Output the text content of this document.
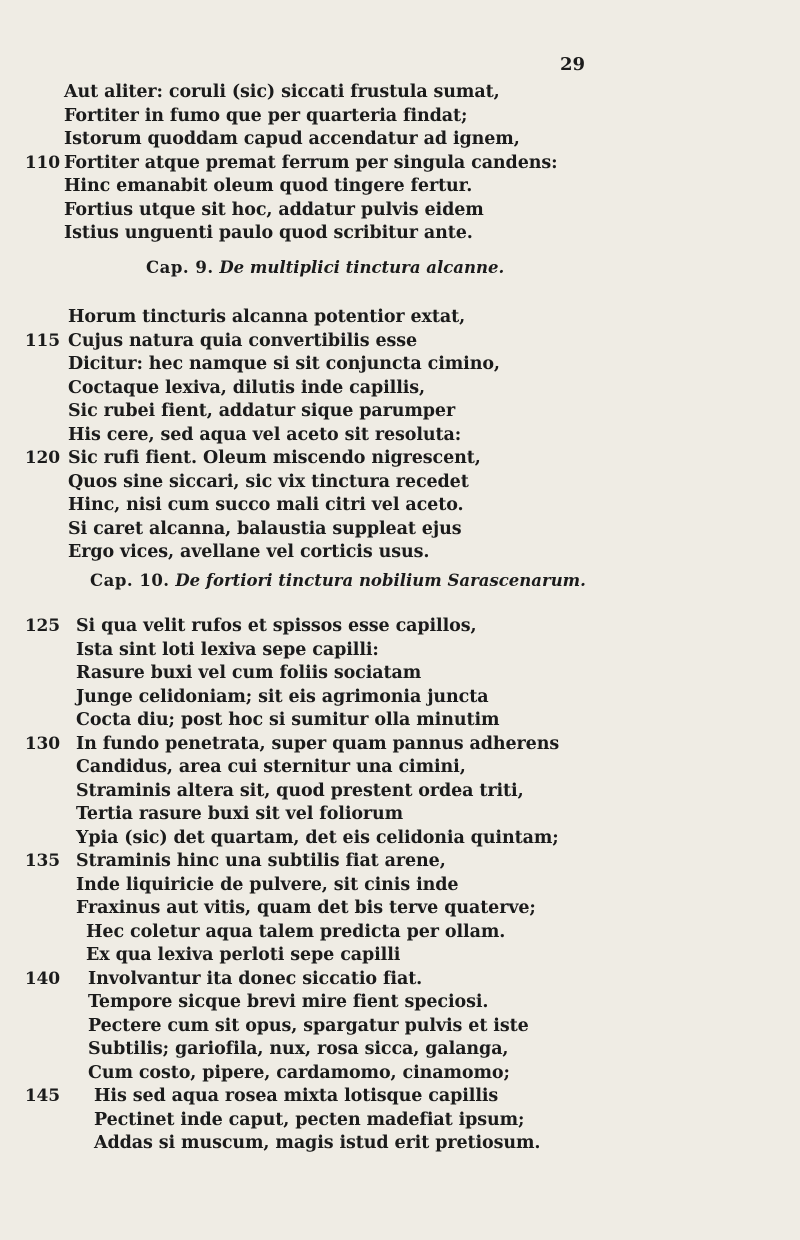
29
Aut aliter: coruli (sic) siccati frustula sumat,
Fortiter in fumo que per quarteria findat;
Istorum quoddam capud accendatur ad ignem,
110 Fortiter atque premat ferrum per singula candens:
Hinc emanabit oleum quod tingere fertur.
Fortius utque sit hoc, addatur pulvis eidem
Istius unguenti paulo quod scribitur ante.
Cap. 9. De multiplici tinctura alcanne.
Horum tincturis alcanna potentior extat,
115 Cujus natura quia convertibilis esse
Dicitur: hec namque si sit conjuncta cimino,
Coctaque lexiva, dilutis inde capillis,
Sic rubei fient, addatur sique parumper
His cere, sed aqua vel aceto sit resoluta:
120 Sic rufi fient. Oleum miscendo nigrescent,
Quos sine siccari, sic vix tinctura recedet
Hinc, nisi cum succo mali citri vel aceto.
Si caret alcanna, balaustia suppleat ejus
Ergo vices, avellane vel corticis usus.
Cap. 10. De fortiori tinctura nobilium Sarascenarum.
125 Si qua velit rufos et spissos esse capillos,
Ista sint loti lexiva sepe capilli:
Rasure buxi vel cum foliis sociatam
Junge celidoniam; sit eis agrimonia juncta
Cocta diu; post hoc si sumitur olla minutim
130 In fundo penetrata, super quam pannus adherens
Candidus, area cui sternitur una cimini,
Straminis altera sit, quod prestent ordea triti,
Tertia rasure buxi sit vel foliorum
Ypia (sic) det quartam, det eis celidonia quintam;
135 Straminis hinc una subtilis fiat arene,
Inde liquiricie de pulvere, sit cinis inde
Fraxinus aut vitis, quam det bis terve quaterve;
Hec coletur aqua talem predicta per ollam.
Ex qua lexiva perloti sepe capilli
140 Involvantur ita donec siccatio fiat.
Tempore sicque brevi mire fient speciosi.
Pectere cum sit opus, spargatur pulvis et iste
Subtilis; gariofila, nux, rosa sicca, galanga,
Cum costo, pipere, cardamomo, cinamomo;
145 His sed aqua rosea mixta lotisque capillis
Pectinet inde caput, pecten madefiat ipsum;
Addas si muscum, magis istud erit pretiosum.
